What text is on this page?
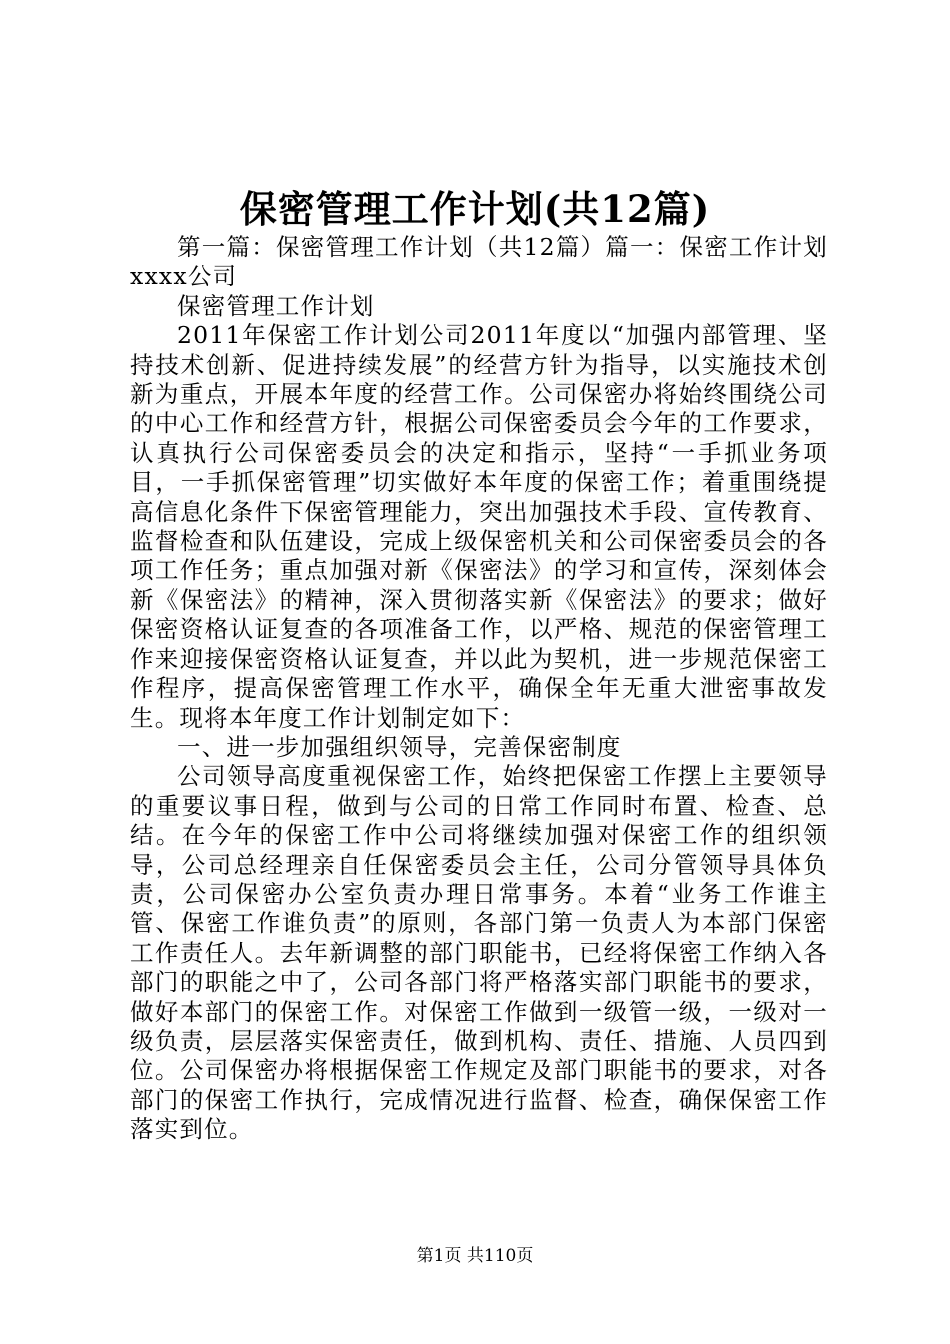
保密管理工作计划(共12篇)

第一篇：保密管理工作计划（共12篇）篇一：保密工作计划xxxx公司

保密管理工作计划

2011年保密工作计划公司2011年度以“加强内部管理、坚持技术创新、促进持续发展”的经营方针为指导，以实施技术创新为重点，开展本年度的经营工作。公司保密办将始终围绕公司的中心工作和经营方针，根据公司保密委员会今年的工作要求，认真执行公司保密委员会的决定和指示，坚持“一手抓业务项目，一手抓保密管理”切实做好本年度的保密工作；着重围绕提高信息化条件下保密管理能力，突出加强技术手段、宣传教育、监督检查和队伍建设，完成上级保密机关和公司保密委员会的各项工作任务；重点加强对新《保密法》的学习和宣传，深刻体会新《保密法》的精神，深入贯彻落实新《保密法》的要求；做好保密资格认证复查的各项准备工作，以严格、规范的保密管理工作来迎接保密资格认证复查，并以此为契机，进一步规范保密工作程序，提高保密管理工作水平，确保全年无重大泄密事故发生。现将本年度工作计划制定如下：

一、进一步加强组织领导，完善保密制度

公司领导高度重视保密工作，始终把保密工作摆上主要领导的重要议事日程，做到与公司的日常工作同时布置、检查、总结。在今年的保密工作中公司将继续加强对保密工作的组织领导，公司总经理亲自任保密委员会主任，公司分管领导具体负责，公司保密办公室负责办理日常事务。本着“业务工作谁主管、保密工作谁负责”的原则，各部门第一负责人为本部门保密工作责任人。去年新调整的部门职能书，已经将保密工作纳入各部门的职能之中了，公司各部门将严格落实部门职能书的要求，做好本部门的保密工作。对保密工作做到一级管一级，一级对一级负责，层层落实保密责任，做到机构、责任、措施、人员四到位。公司保密办将根据保密工作规定及部门职能书的要求，对各部门的保密工作执行，完成情况进行监督、检查，确保保密工作落实到位。

第1页 共110页
